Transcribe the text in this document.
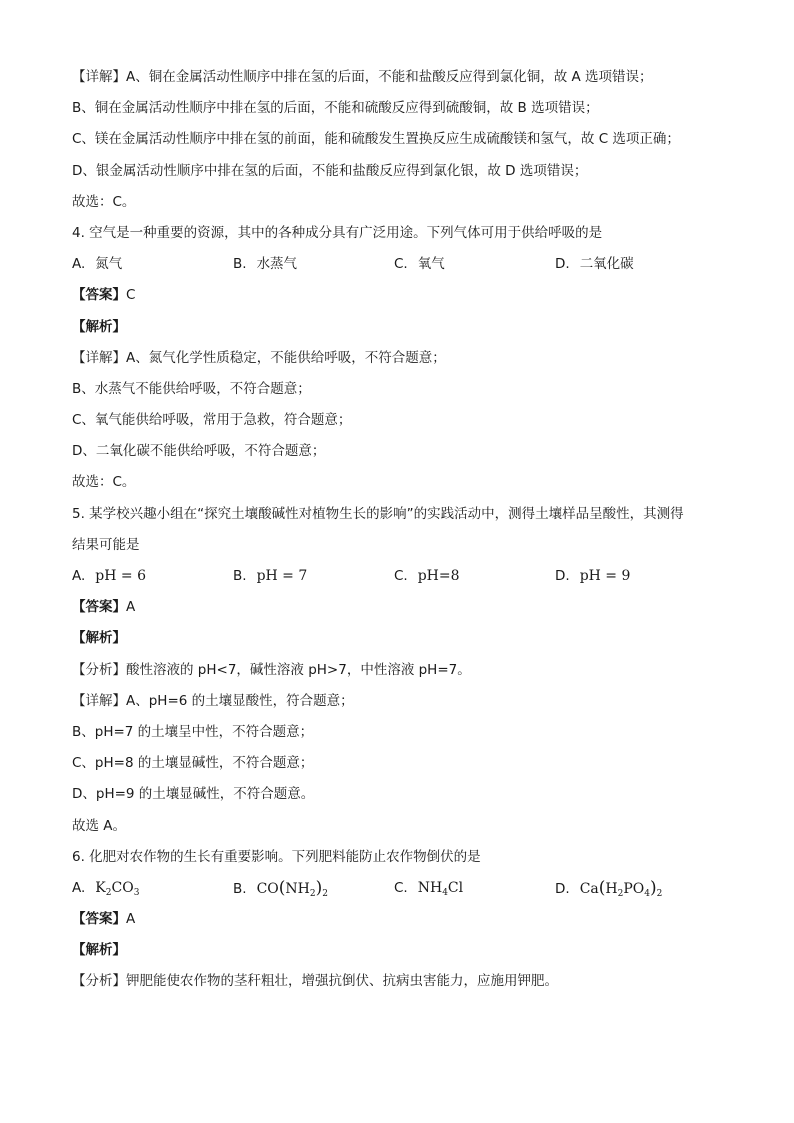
【详解】A、铜在金属活动性顺序中排在氢的后面，不能和盐酸反应得到氯化铜，故 A 选项错误；
B、铜在金属活动性顺序中排在氢的后面，不能和硫酸反应得到硫酸铜，故 B 选项错误；
C、镁在金属活动性顺序中排在氢的前面，能和硫酸发生置换反应生成硫酸镁和氢气，故 C 选项正确；
D、银金属活动性顺序中排在氢的后面，不能和盐酸反应得到氯化银，故 D 选项错误；
故选：C。
4. 空气是一种重要的资源，其中的各种成分具有广泛用途。下列气体可用于供给呼吸的是
A. 氮气	B. 水蒸气	C. 氧气	D. 二氧化碳
【答案】C
【解析】
【详解】A、氮气化学性质稳定，不能供给呼吸，不符合题意；
B、水蒸气不能供给呼吸，不符合题意；
C、氧气能供给呼吸，常用于急救，符合题意；
D、二氧化碳不能供给呼吸，不符合题意；
故选：C。
5. 某学校兴趣小组在“探究土壤酸碱性对植物生长的影响”的实践活动中，测得土壤样品呈酸性，其测得
结果可能是
A. pH = 6	B. pH = 7	C. pH=8	D. pH = 9
【答案】A
【解析】
【分析】酸性溶液的 pH<7，碱性溶液 pH>7，中性溶液 pH=7。
【详解】A、pH=6 的土壤显酸性，符合题意；
B、pH=7 的土壤呈中性，不符合题意；
C、pH=8 的土壤显碱性，不符合题意；
D、pH=9 的土壤显碱性，不符合题意。
故选 A。
6. 化肥对农作物的生长有重要影响。下列肥料能防止农作物倒伏的是
A. $K_2CO_3$	B. $CO(NH_2)_2$	C. $NH_4Cl$	D. $Ca(H_2PO_4)_2$
【答案】A
【解析】
【分析】钾肥能使农作物的茎秆粗壮，增强抗倒伏、抗病虫害能力，应施用钾肥。
